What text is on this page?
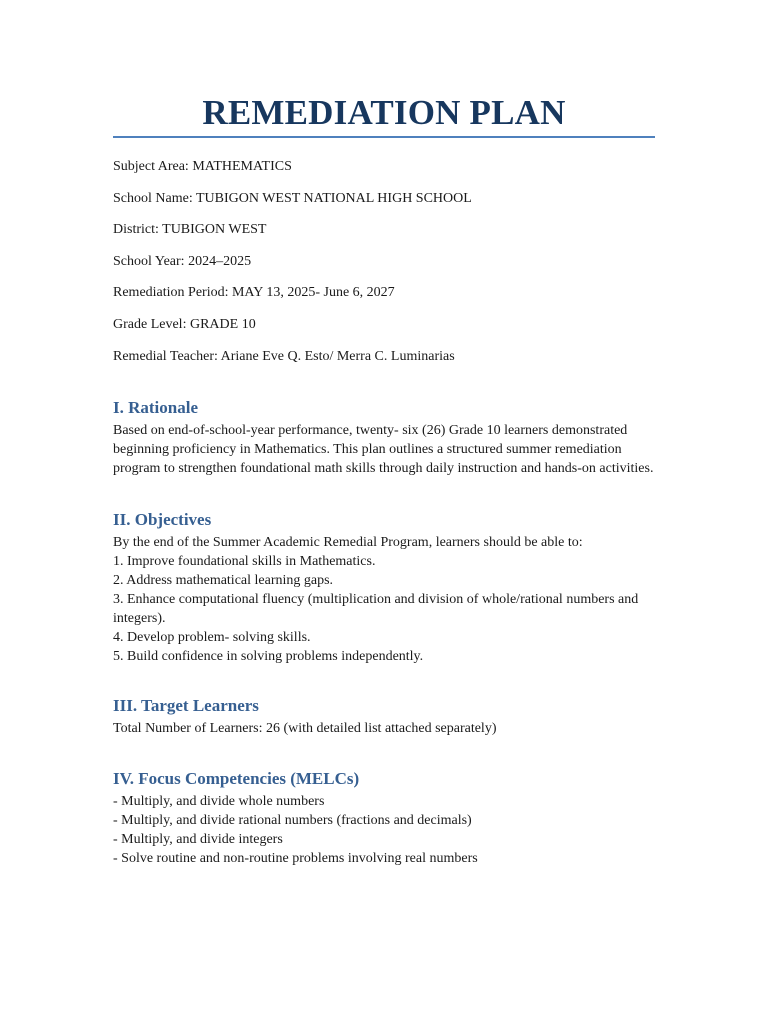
REMEDIATION PLAN
Subject Area: MATHEMATICS
School Name: TUBIGON WEST NATIONAL HIGH SCHOOL
District: TUBIGON WEST
School Year: 2024–2025
Remediation Period: MAY 13, 2025- June 6, 2027
Grade Level: GRADE 10
Remedial Teacher: Ariane Eve Q. Esto/ Merra C. Luminarias
I. Rationale
Based on end-of-school-year performance, twenty- six (26) Grade 10 learners demonstrated beginning proficiency in Mathematics. This plan outlines a structured summer remediation program to strengthen foundational math skills through daily instruction and hands-on activities.
II. Objectives
By the end of the Summer Academic Remedial Program, learners should be able to:
1. Improve foundational skills in Mathematics.
2. Address mathematical learning gaps.
3. Enhance computational fluency (multiplication and division of whole/rational numbers and integers).
4. Develop problem- solving skills.
5. Build confidence in solving problems independently.
III. Target Learners
Total Number of Learners: 26 (with detailed list attached separately)
IV. Focus Competencies (MELCs)
- Multiply, and divide whole numbers
- Multiply, and divide rational numbers (fractions and decimals)
- Multiply, and divide integers
- Solve routine and non-routine problems involving real numbers
